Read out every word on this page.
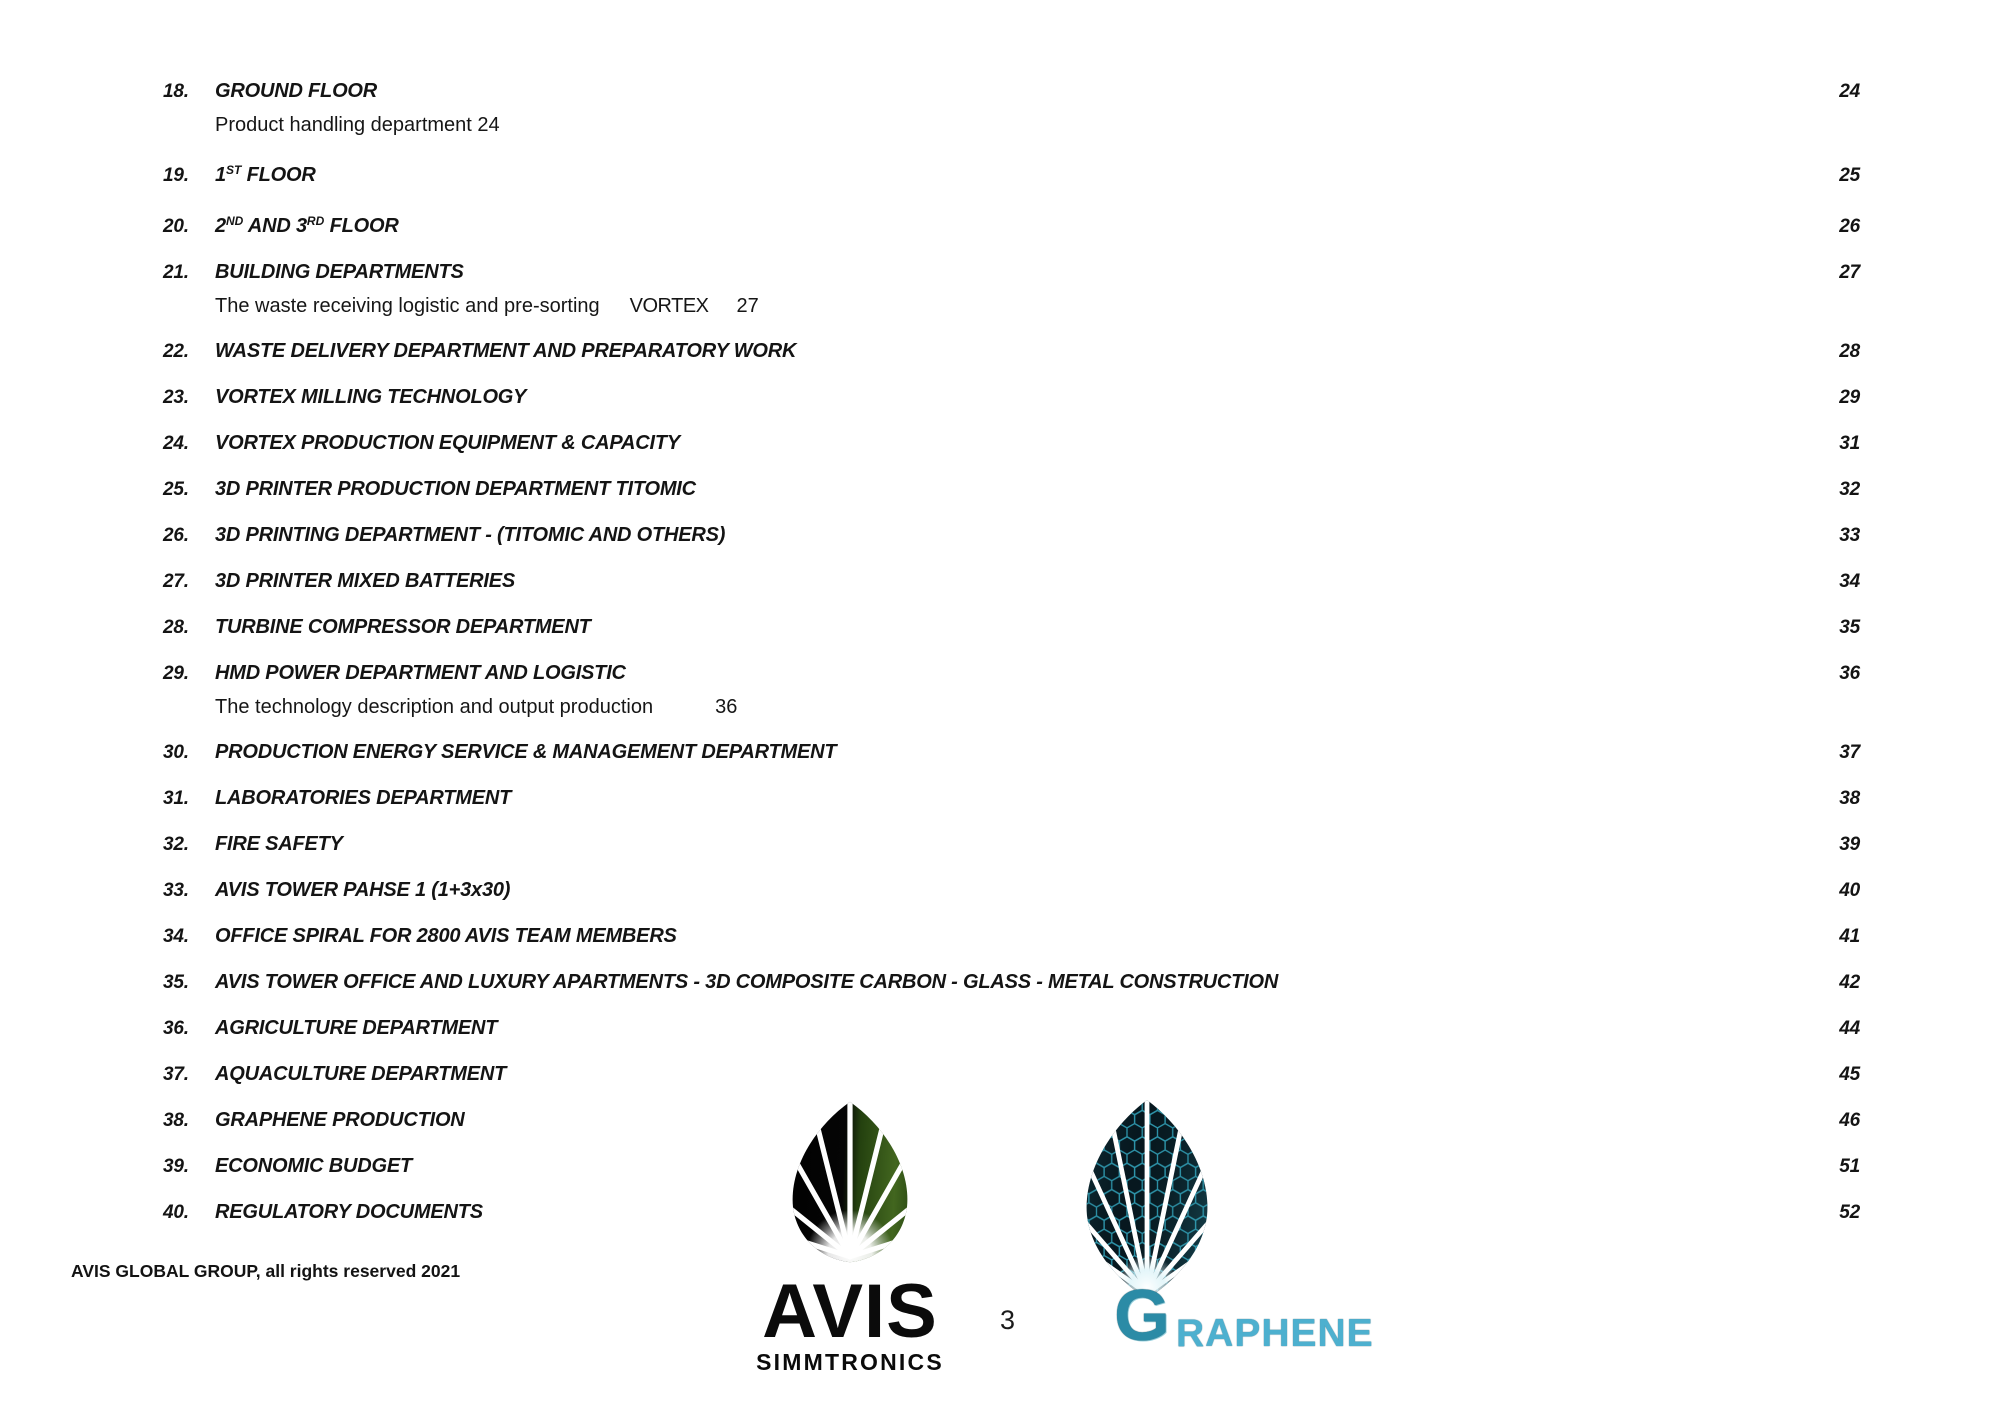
18.	GROUND FLOOR	24
Product handling department 24
19.	1ST FLOOR	25
20.	2ND AND 3RD FLOOR	26
21.	BUILDING DEPARTMENTS	27
The waste receiving logistic and pre-sorting VORTEX 27
22.	WASTE DELIVERY DEPARTMENT AND PREPARATORY WORK	28
23.	VORTEX MILLING TECHNOLOGY	29
24.	VORTEX PRODUCTION EQUIPMENT & CAPACITY	31
25.	3D PRINTER PRODUCTION DEPARTMENT TITOMIC	32
26.	3D PRINTING DEPARTMENT - (TITOMIC AND OTHERS)	33
27.	3D PRINTER MIXED BATTERIES	34
28.	TURBINE COMPRESSOR DEPARTMENT	35
29.	HMD POWER DEPARTMENT AND LOGISTIC	36
The technology description and output production	36
30.	PRODUCTION ENERGY SERVICE & MANAGEMENT DEPARTMENT	37
31.	LABORATORIES DEPARTMENT	38
32.	FIRE SAFETY	39
33.	AVIS TOWER PAHSE 1 (1+3x30)	40
34.	OFFICE SPIRAL FOR 2800 AVIS TEAM MEMBERS	41
35.	AVIS TOWER OFFICE AND LUXURY APARTMENTS - 3D COMPOSITE CARBON - GLASS - METAL CONSTRUCTION	42
36.	AGRICULTURE DEPARTMENT	44
37.	AQUACULTURE DEPARTMENT	45
38.	GRAPHENE PRODUCTION	46
39.	ECONOMIC BUDGET	51
40.	REGULATORY DOCUMENTS	52
AVIS GLOBAL GROUP, all rights reserved 2021
3
AVIS
SIMMTRONICS
G RAPHENE
